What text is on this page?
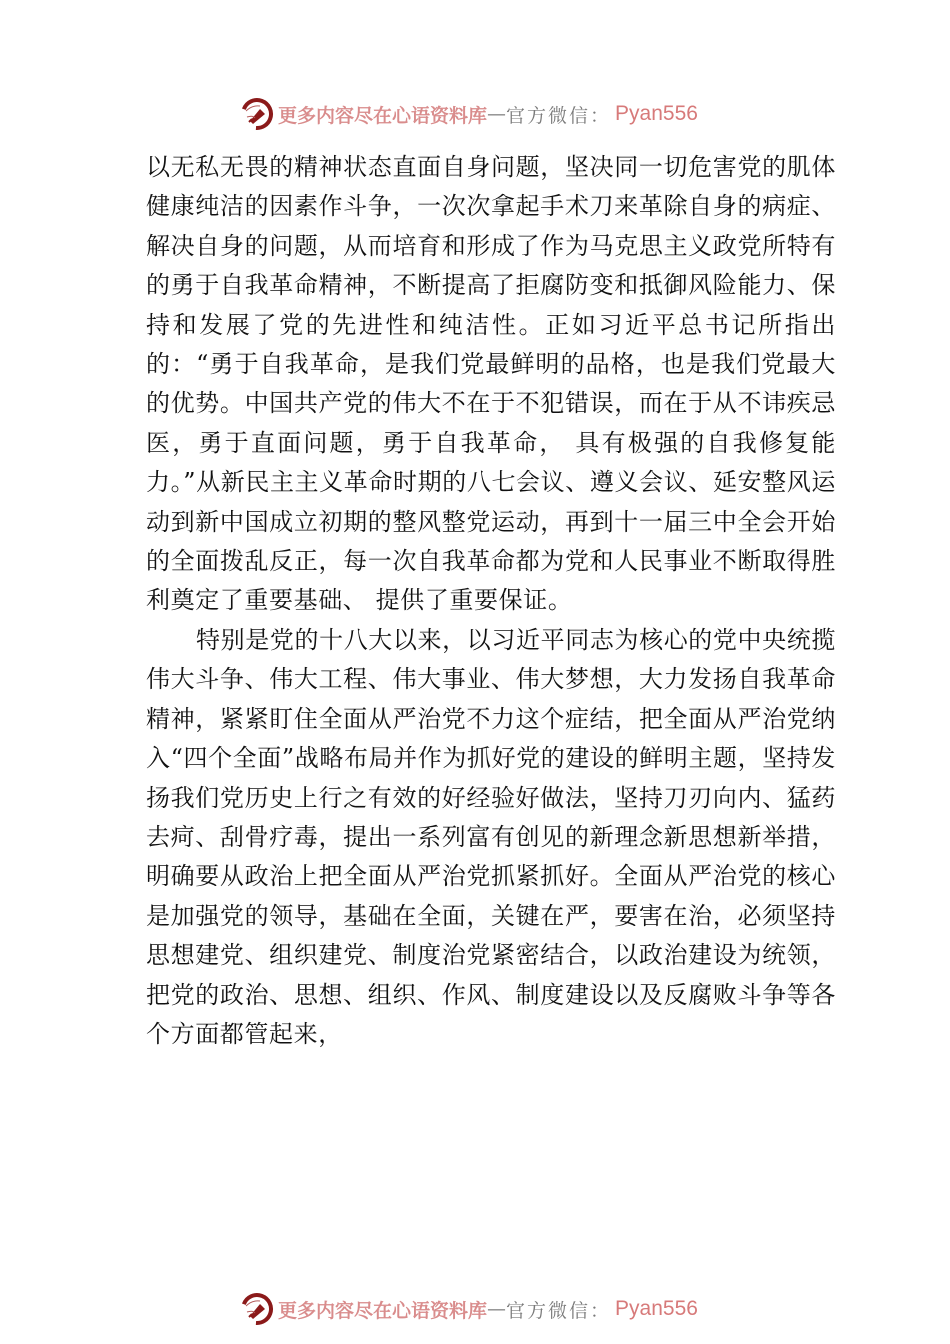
更多内容尽在心语资料库 — 官方微信： Pyan556

以无私无畏的精神状态直面自身问题，坚决同一切危害党的肌体健康纯洁的因素作斗争，一次次拿起手术刀来革除自身的病症、解决自身的问题，从而培育和形成了作为马克思主义政党所特有的勇于自我革命精神，不断提高了拒腐防变和抵御风险能力、保持和发展了党的先进性和纯洁性。正如习近平总书记所指出的：“勇于自我革命，是我们党最鲜明的品格，也是我们党最大的优势。中国共产党的伟大不在于不犯错误，而在于从不讳疾忌医，勇于直面问题，勇于自我革命， 具有极强的自我修复能力。”从新民主主义革命时期的八七会议、遵义会议、延安整风运动到新中国成立初期的整风整党运动，再到十一届三中全会开始的全面拨乱反正，每一次自我革命都为党和人民事业不断取得胜利奠定了重要基础、 提供了重要保证。

特别是党的十八大以来，以习近平同志为核心的党中央统揽伟大斗争、伟大工程、伟大事业、伟大梦想，大力发扬自我革命精神，紧紧盯住全面从严治党不力这个症结，把全面从严治党纳入“四个全面”战略布局并作为抓好党的建设的鲜明主题，坚持发扬我们党历史上行之有效的好经验好做法，坚持刀刃向内、猛药去疴、刮骨疗毒，提出一系列富有创见的新理念新思想新举措，明确要从政治上把全面从严治党抓紧抓好。全面从严治党的核心是加强党的领导，基础在全面，关键在严，要害在治，必须坚持思想建党、组织建党、制度治党紧密结合，以政治建设为统领，把党的政治、思想、组织、作风、制度建设以及反腐败斗争等各个方面都管起来，

更多内容尽在心语资料库 — 官方微信： Pyan556
